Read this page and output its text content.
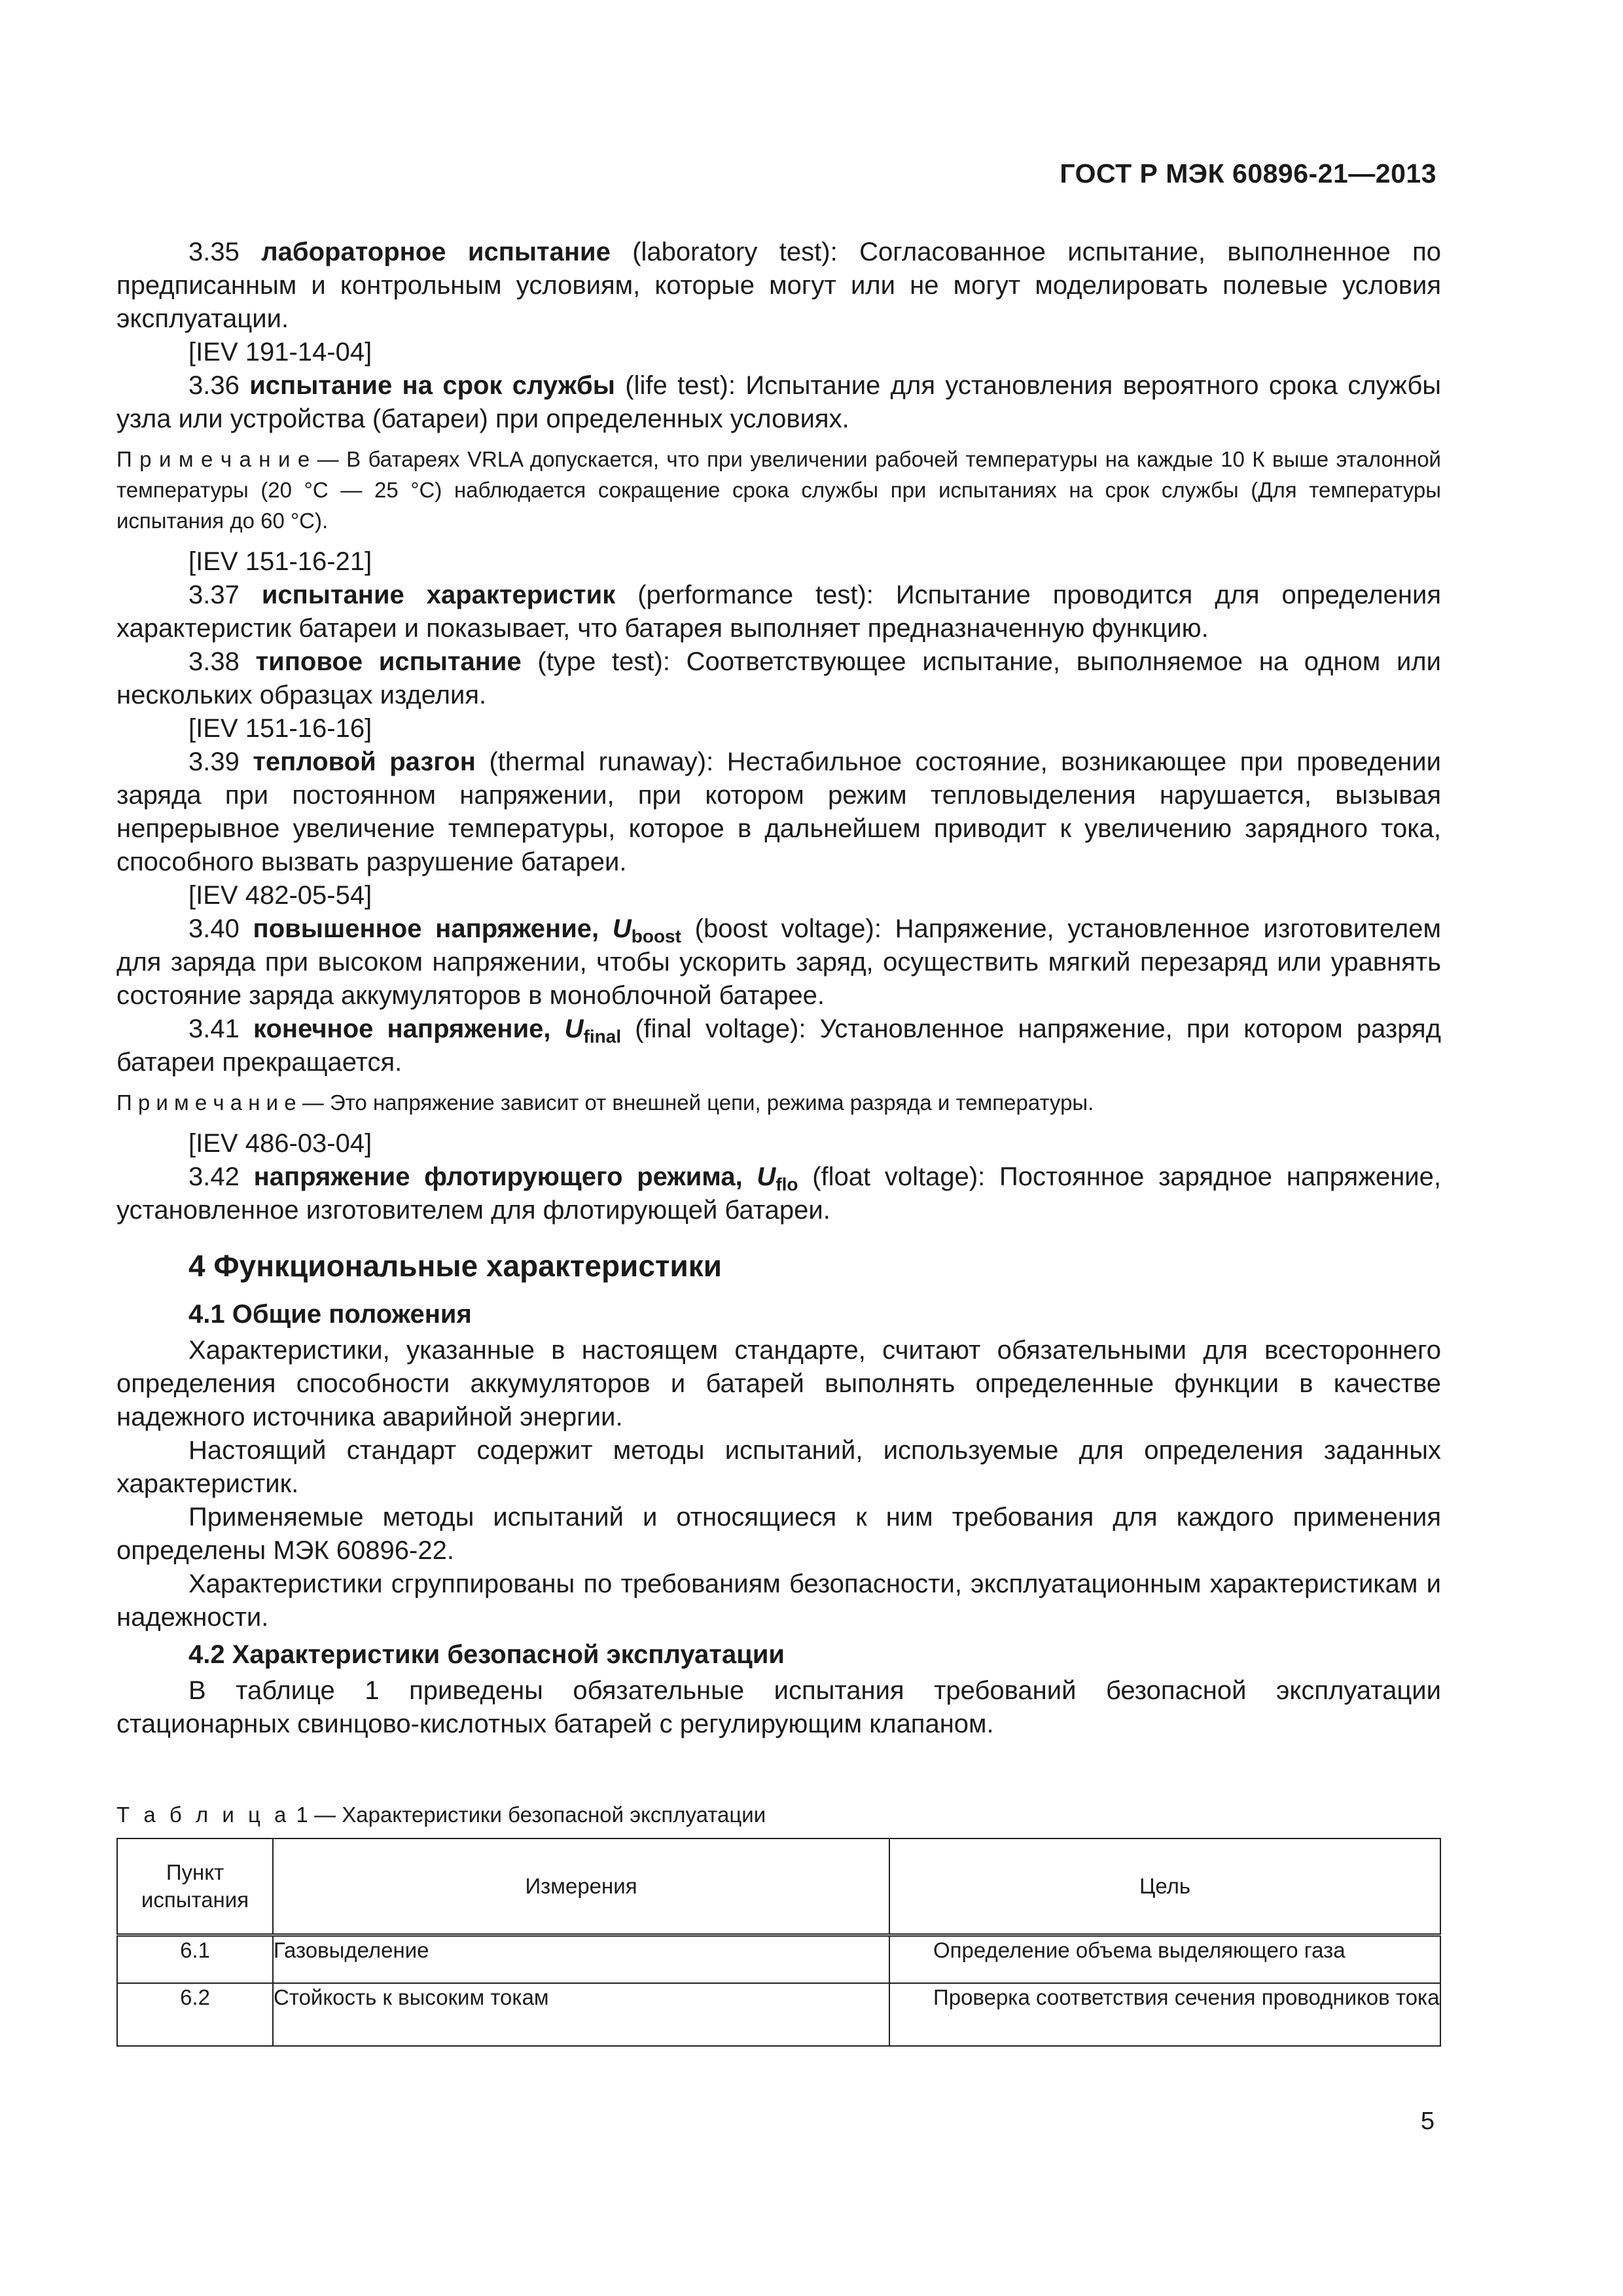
ГОСТ Р МЭК 60896-21—2013

3.35 лабораторное испытание (laboratory test): Согласованное испытание, выполненное по предписанным и контрольным условиям, которые могут или не могут моделировать полевые условия эксплуатации.

[IEV 191-14-04]

3.36 испытание на срок службы (life test): Испытание для установления вероятного срока службы узла или устройства (батареи) при определенных условиях.

П р и м е ч а н и е — В батареях VRLA допускается, что при увеличении рабочей температуры на каждые 10 К выше эталонной температуры (20 °С — 25 °С) наблюдается сокращение срока службы при испытаниях на срок службы (Для температуры испытания до 60 °С).

[IEV 151-16-21]

3.37 испытание характеристик (performance test): Испытание проводится для определения характеристик батареи и показывает, что батарея выполняет предназначенную функцию.

3.38 типовое испытание (type test): Соответствующее испытание, выполняемое на одном или нескольких образцах изделия.

[IEV 151-16-16]

3.39 тепловой разгон (thermal runaway): Нестабильное состояние, возникающее при проведении заряда при постоянном напряжении, при котором режим тепловыделения нарушается, вызывая непрерывное увеличение температуры, которое в дальнейшем приводит к увеличению зарядного тока, способного вызвать разрушение батареи.

[IEV 482-05-54]

3.40 повышенное напряжение, $U_{boost}$ (boost voltage): Напряжение, установленное изготовителем для заряда при высоком напряжении, чтобы ускорить заряд, осуществить мягкий перезаряд или уравнять состояние заряда аккумуляторов в моноблочной батарее.

3.41 конечное напряжение, $U_{final}$ (final voltage): Установленное напряжение, при котором разряд батареи прекращается.

П р и м е ч а н и е — Это напряжение зависит от внешней цепи, режима разряда и температуры.

[IEV 486-03-04]

3.42 напряжение флотирующего режима, $U_{flo}$ (float voltage): Постоянное зарядное напряжение, установленное изготовителем для флотирующей батареи.

4 Функциональные характеристики
4.1 Общие положения

Характеристики, указанные в настоящем стандарте, считают обязательными для всестороннего определения способности аккумуляторов и батарей выполнять определенные функции в качестве надежного источника аварийной энергии.

Настоящий стандарт содержит методы испытаний, используемые для определения заданных характеристик.

Применяемые методы испытаний и относящиеся к ним требования для каждого применения определены МЭК 60896-22.

Характеристики сгруппированы по требованиям безопасности, эксплуатационным характеристикам и надежности.

4.2 Характеристики безопасной эксплуатации

В таблице 1 приведены обязательные испытания требований безопасной эксплуатации стационарных свинцово-кислотных батарей с регулирующим клапаном.

Т а б л и ц а 1 — Характеристики безопасной эксплуатации
Пункт испытания	Измерения	Цель
6.1	Газовыделение	Определение объема выделяющего газа
6.2	Стойкость к высоким токам	Проверка соответствия сечения проводников тока
5
